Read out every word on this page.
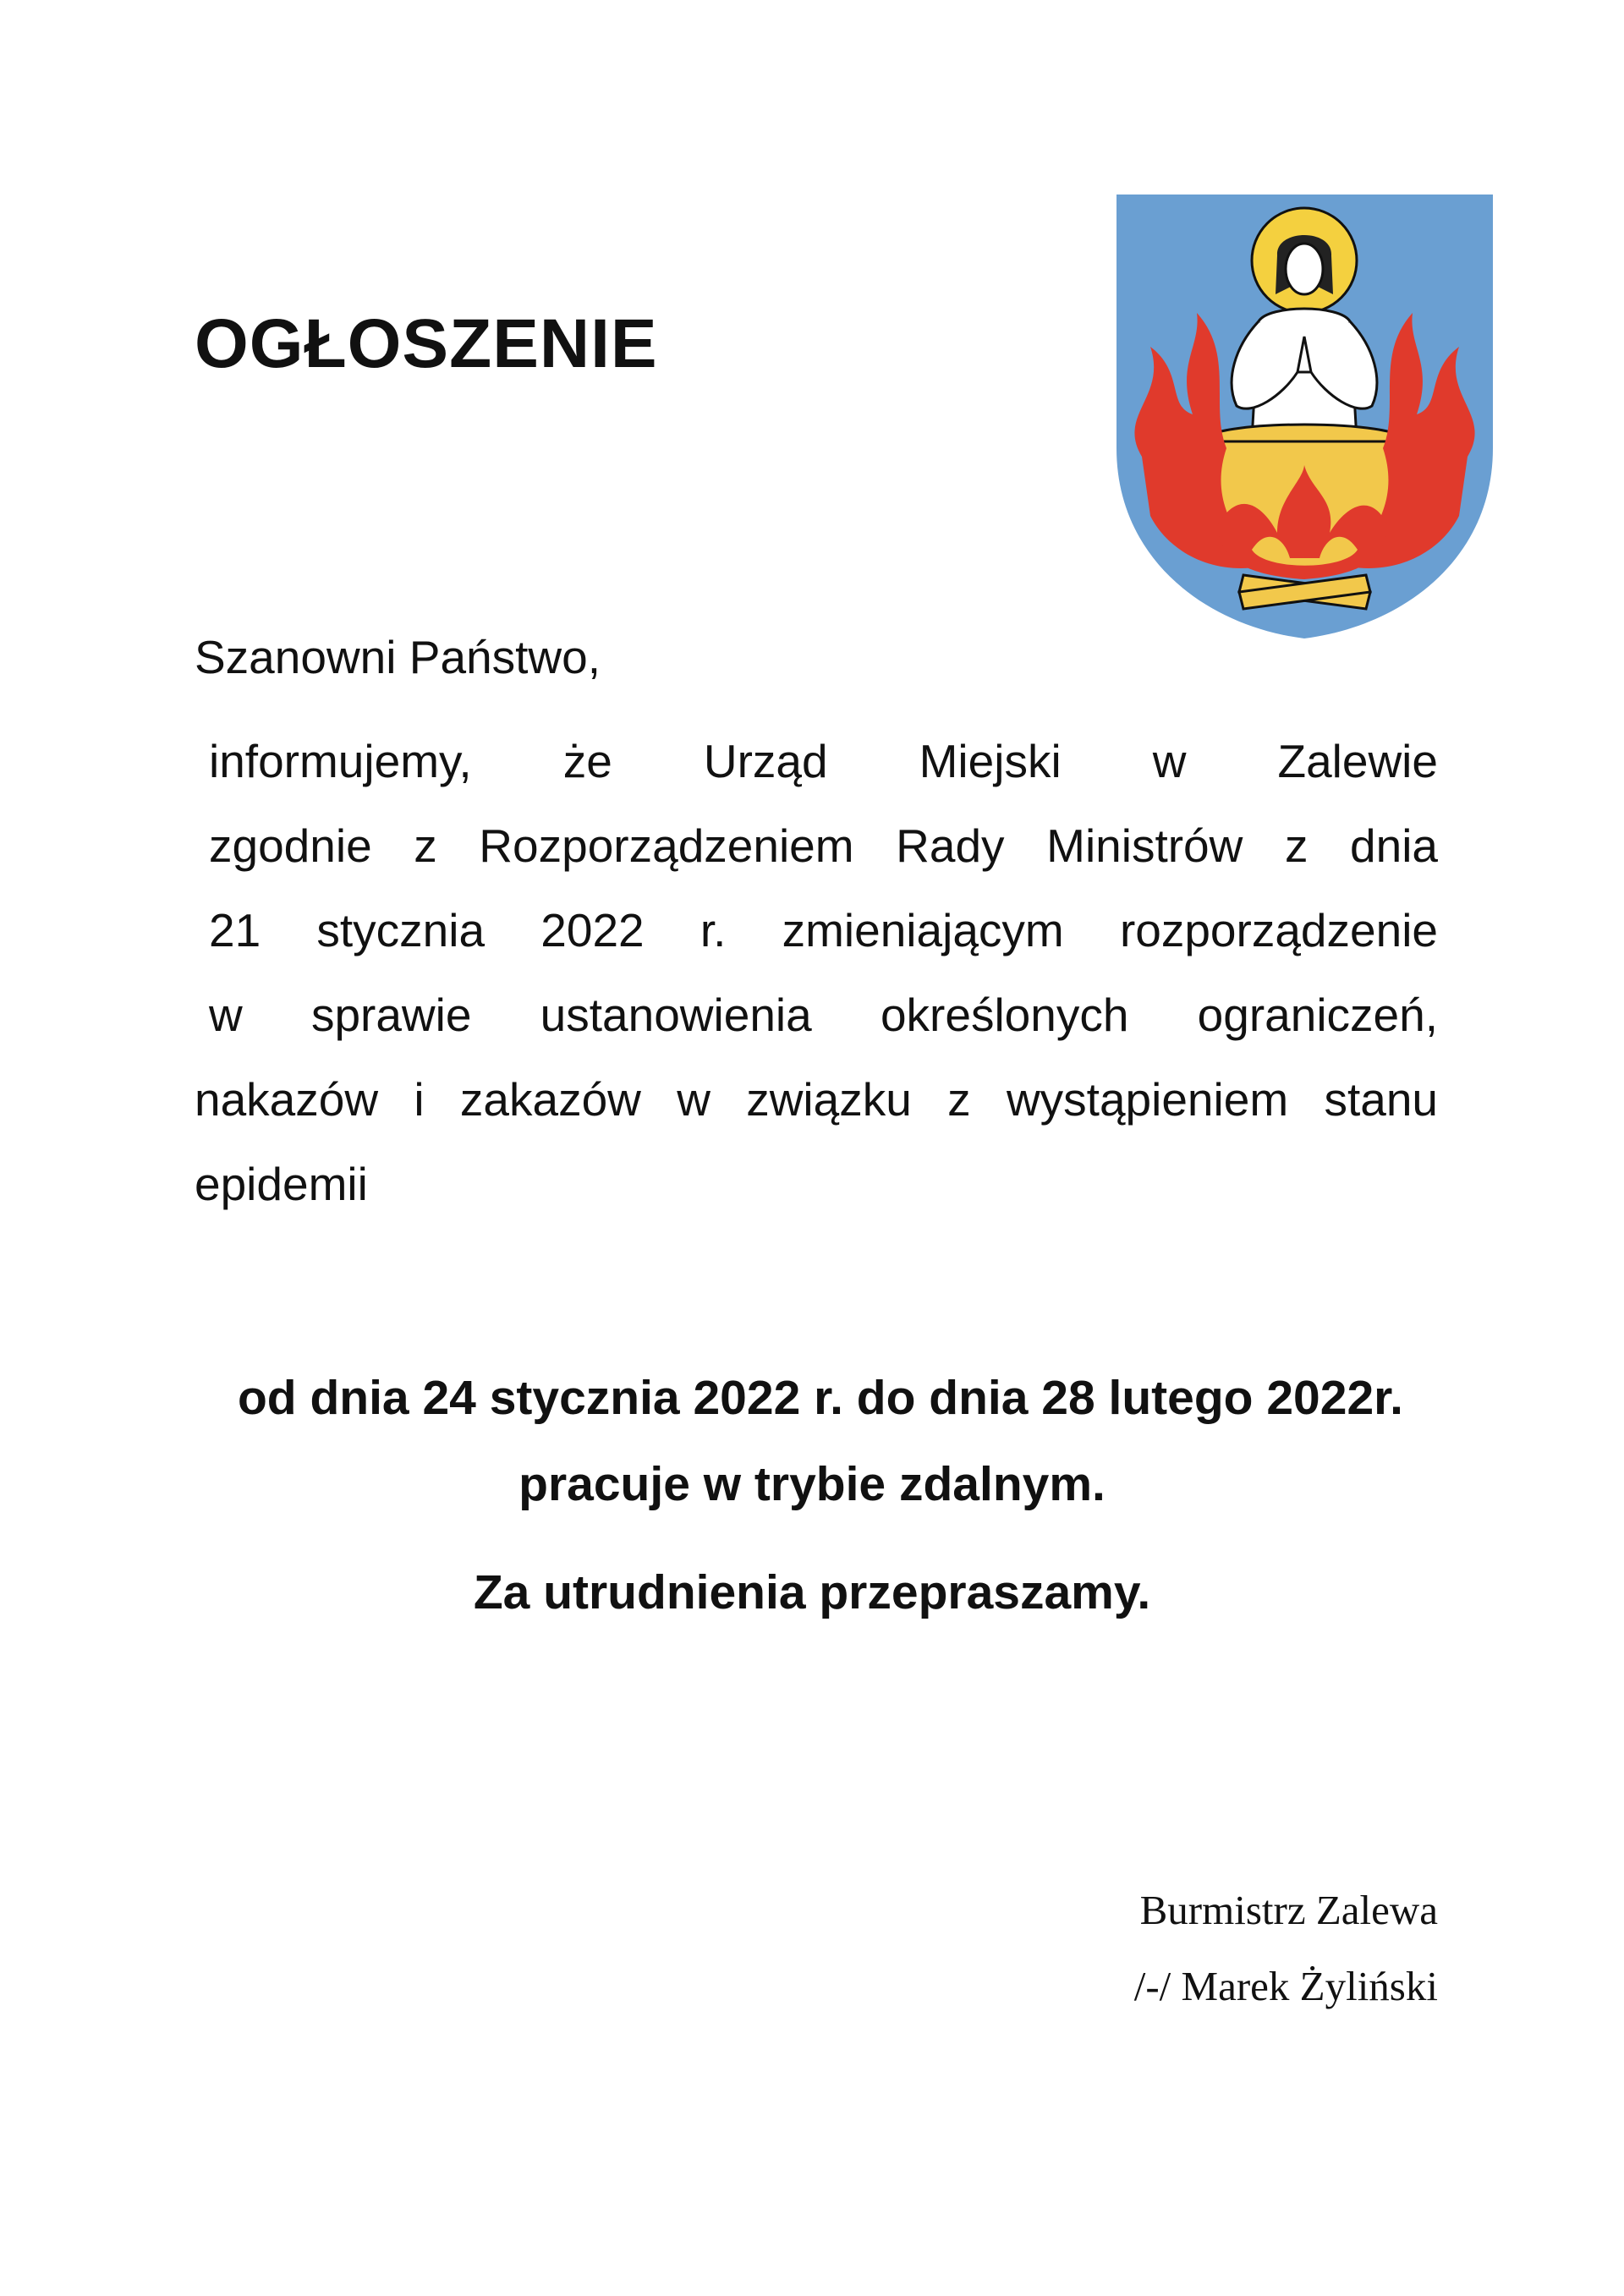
OGŁOSZENIE

Szanowni Państwo,

informujemy, że Urząd Miejski w Zalewie

zgodnie z Rozporządzeniem Rady Ministrów z dnia

21 stycznia 2022 r. zmieniającym rozporządzenie

w sprawie ustanowienia określonych ograniczeń,

nakazów i zakazów w związku z wystąpieniem stanu

epidemii

od dnia 24 stycznia 2022 r. do dnia 28 lutego 2022r.

pracuje w trybie zdalnym.

Za utrudnienia przepraszamy.

Burmistrz Zalewa

/-/ Marek Żyliński
